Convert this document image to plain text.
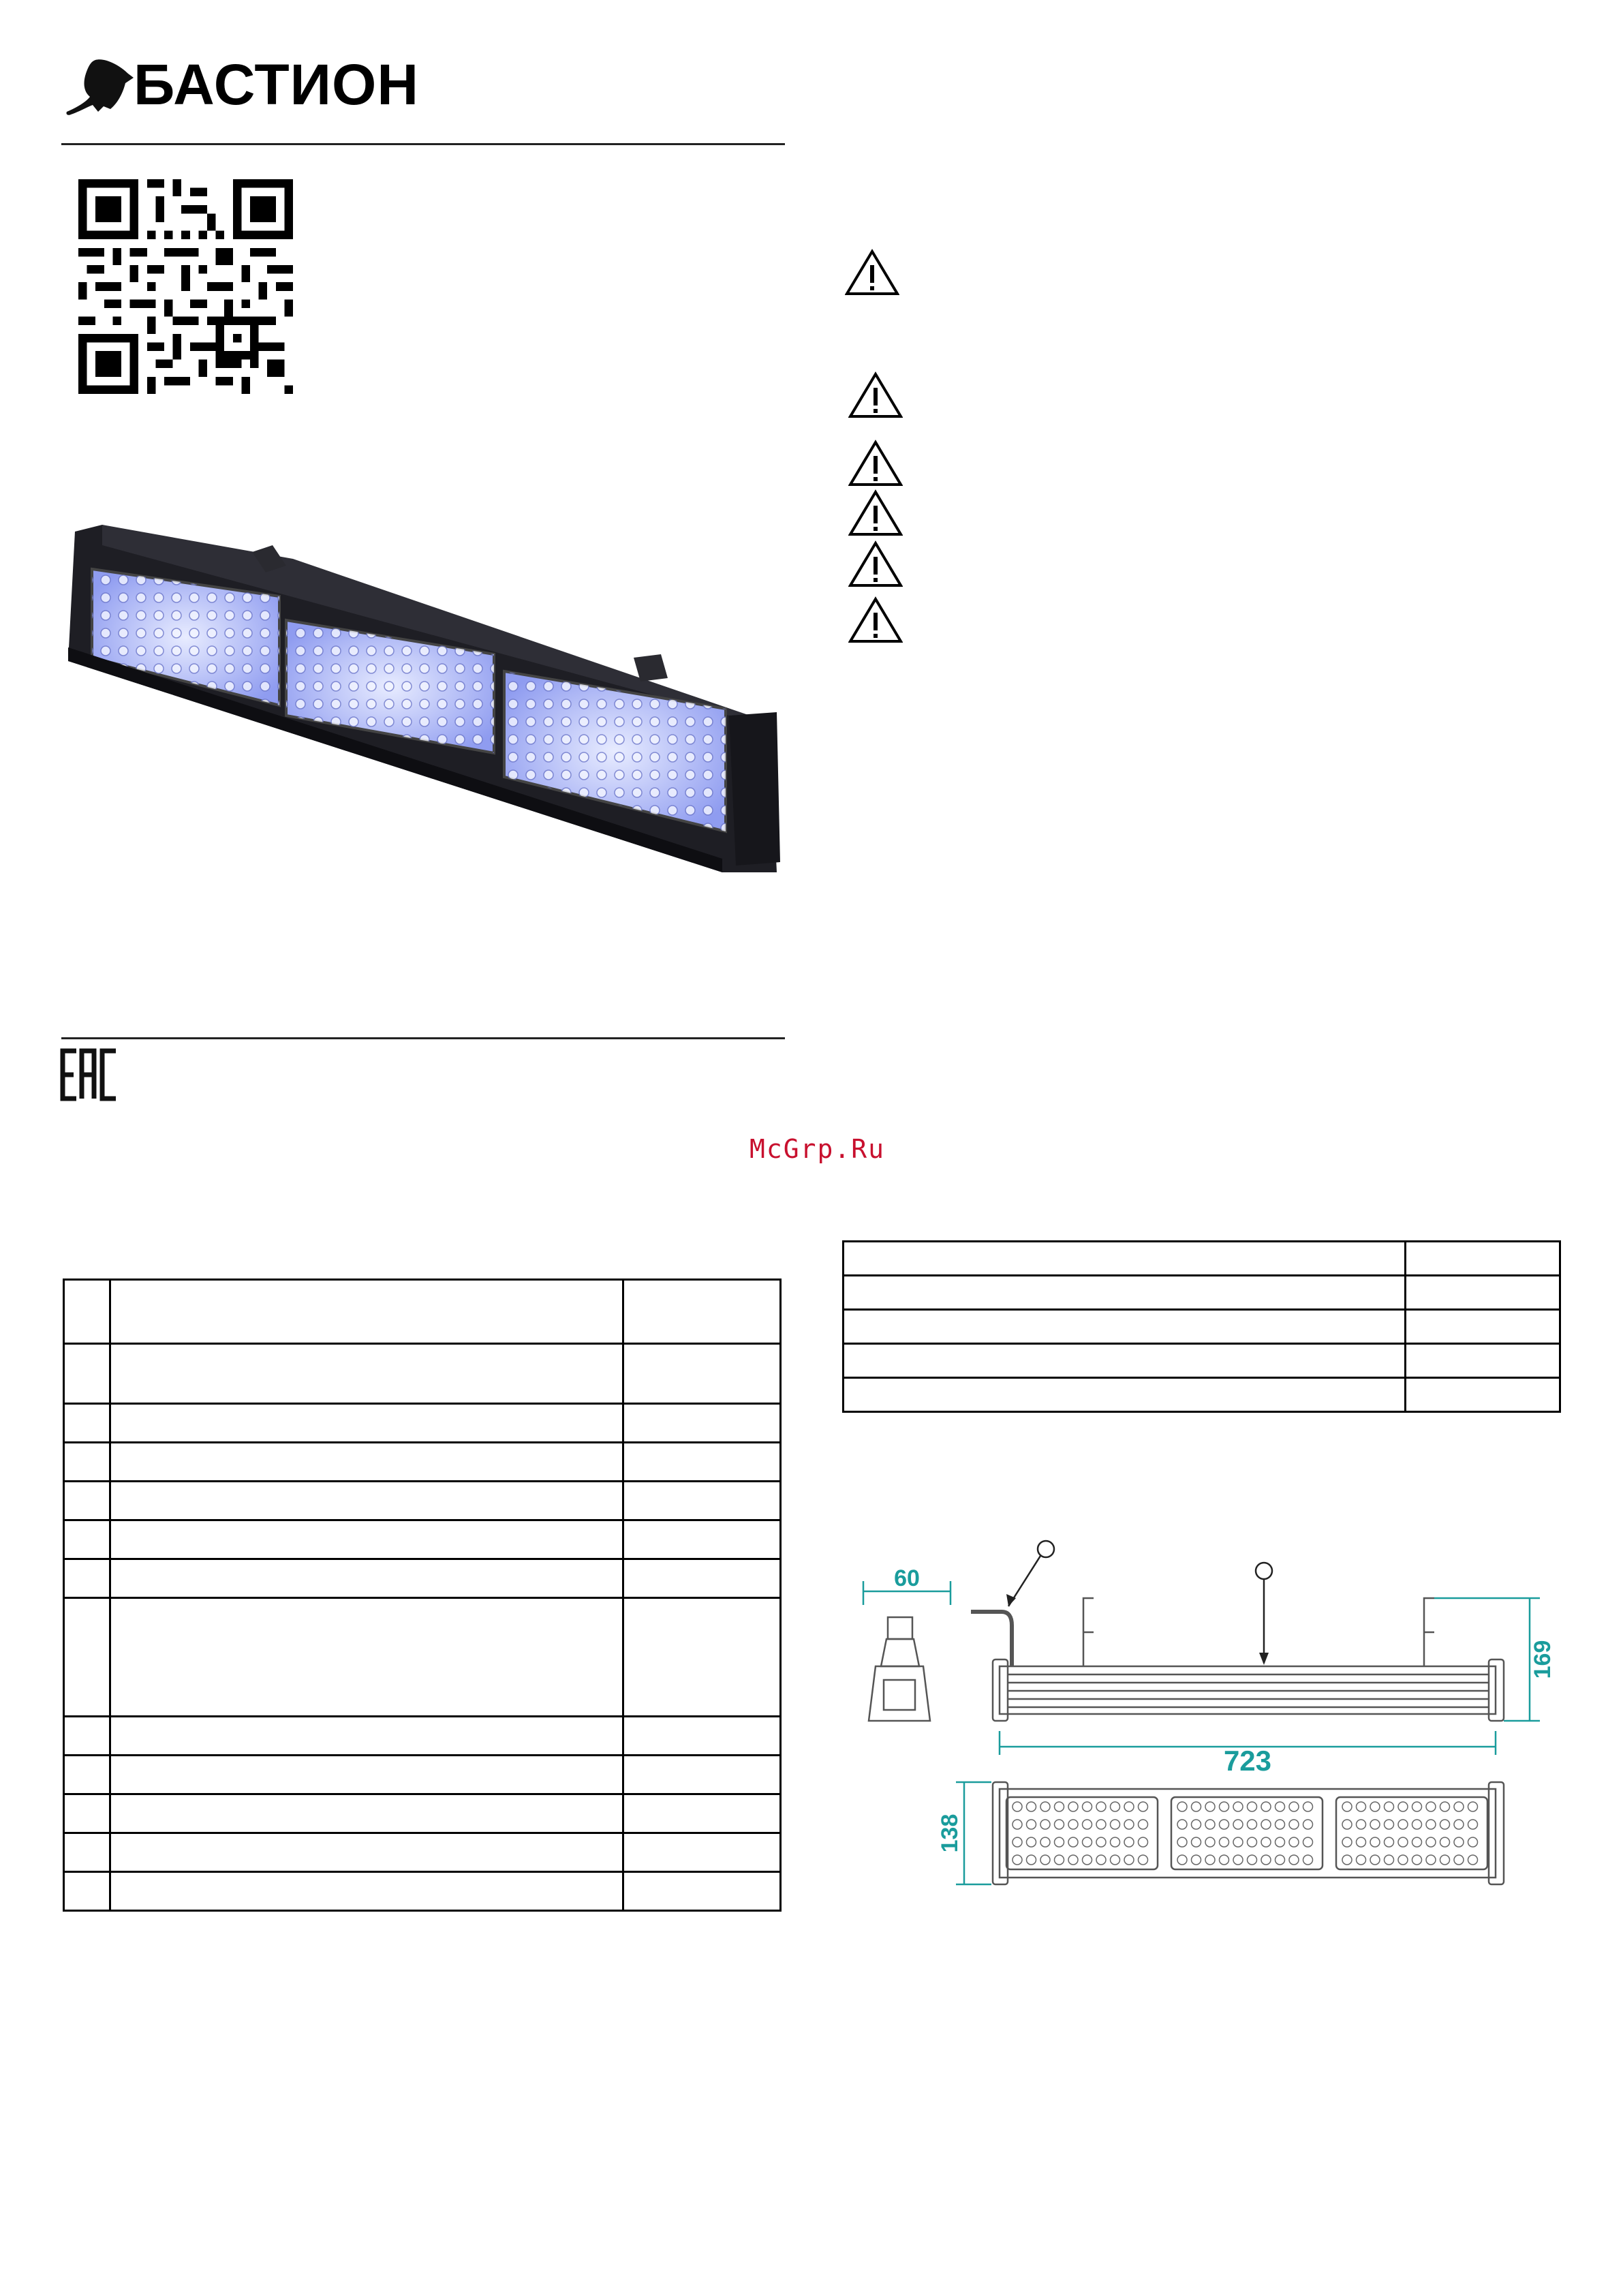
БАСТИОН
McGrp.Ru

60
723
169
138
